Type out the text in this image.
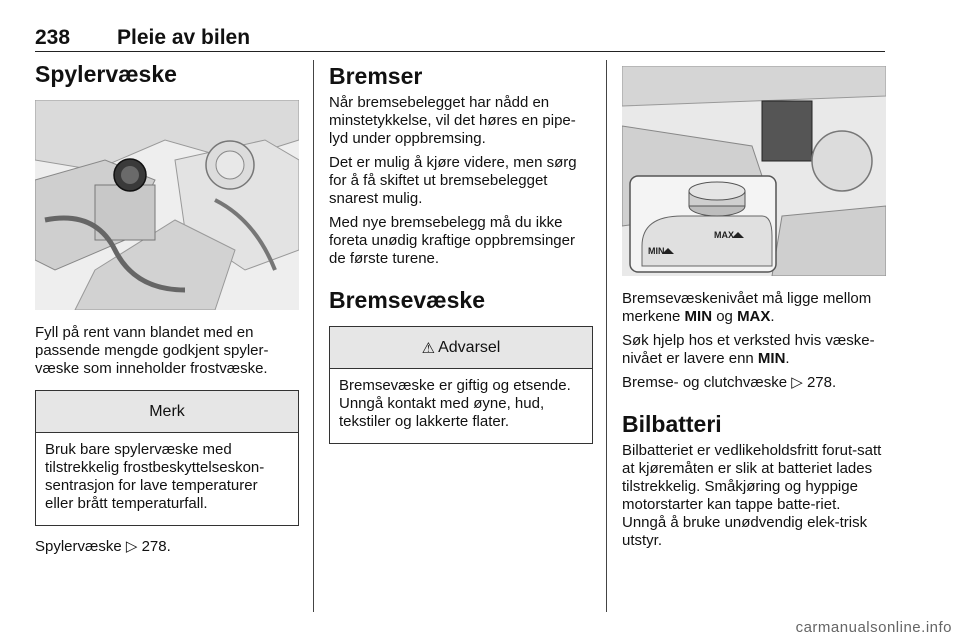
238 Pleie av bilen
Spylervæske

Fyll på rent vann blandet med en passende mengde godkjent spyler-væske som inneholder frostvæske.

Merk
Bruk bare spylervæske med tilstrekkelig frostbeskyttelseskon-sentrasjon for lave temperaturer eller brått temperaturfall.

Spylervæske ▷ 278.

Bremser

Når bremsebelegget har nådd en minstetykkelse, vil det høres en pipe-lyd under oppbremsing.

Det er mulig å kjøre videre, men sørg for å få skiftet ut bremsebelegget snarest mulig.

Med nye bremsebelegg må du ikke foreta unødig kraftige oppbremsinger de første turene.

Bremsevæske
⚠ Advarsel
Bremsevæske er giftig og etsende. Unngå kontakt med øyne, hud, tekstiler og lakkerte flater.
MAX
MIN

Bremsevæskenivået må ligge mellom merkene MIN og MAX.

Søk hjelp hos et verksted hvis væske-nivået er lavere enn MIN.

Bremse- og clutchvæske ▷ 278.

Bilbatteri

Bilbatteriet er vedlikeholdsfritt forut-satt at kjøremåten er slik at batteriet lades tilstrekkelig. Småkjøring og hyppige motorstarter kan tappe batte-riet. Unngå å bruke unødvendig elek-trisk utstyr.

carmanualsonline.info
